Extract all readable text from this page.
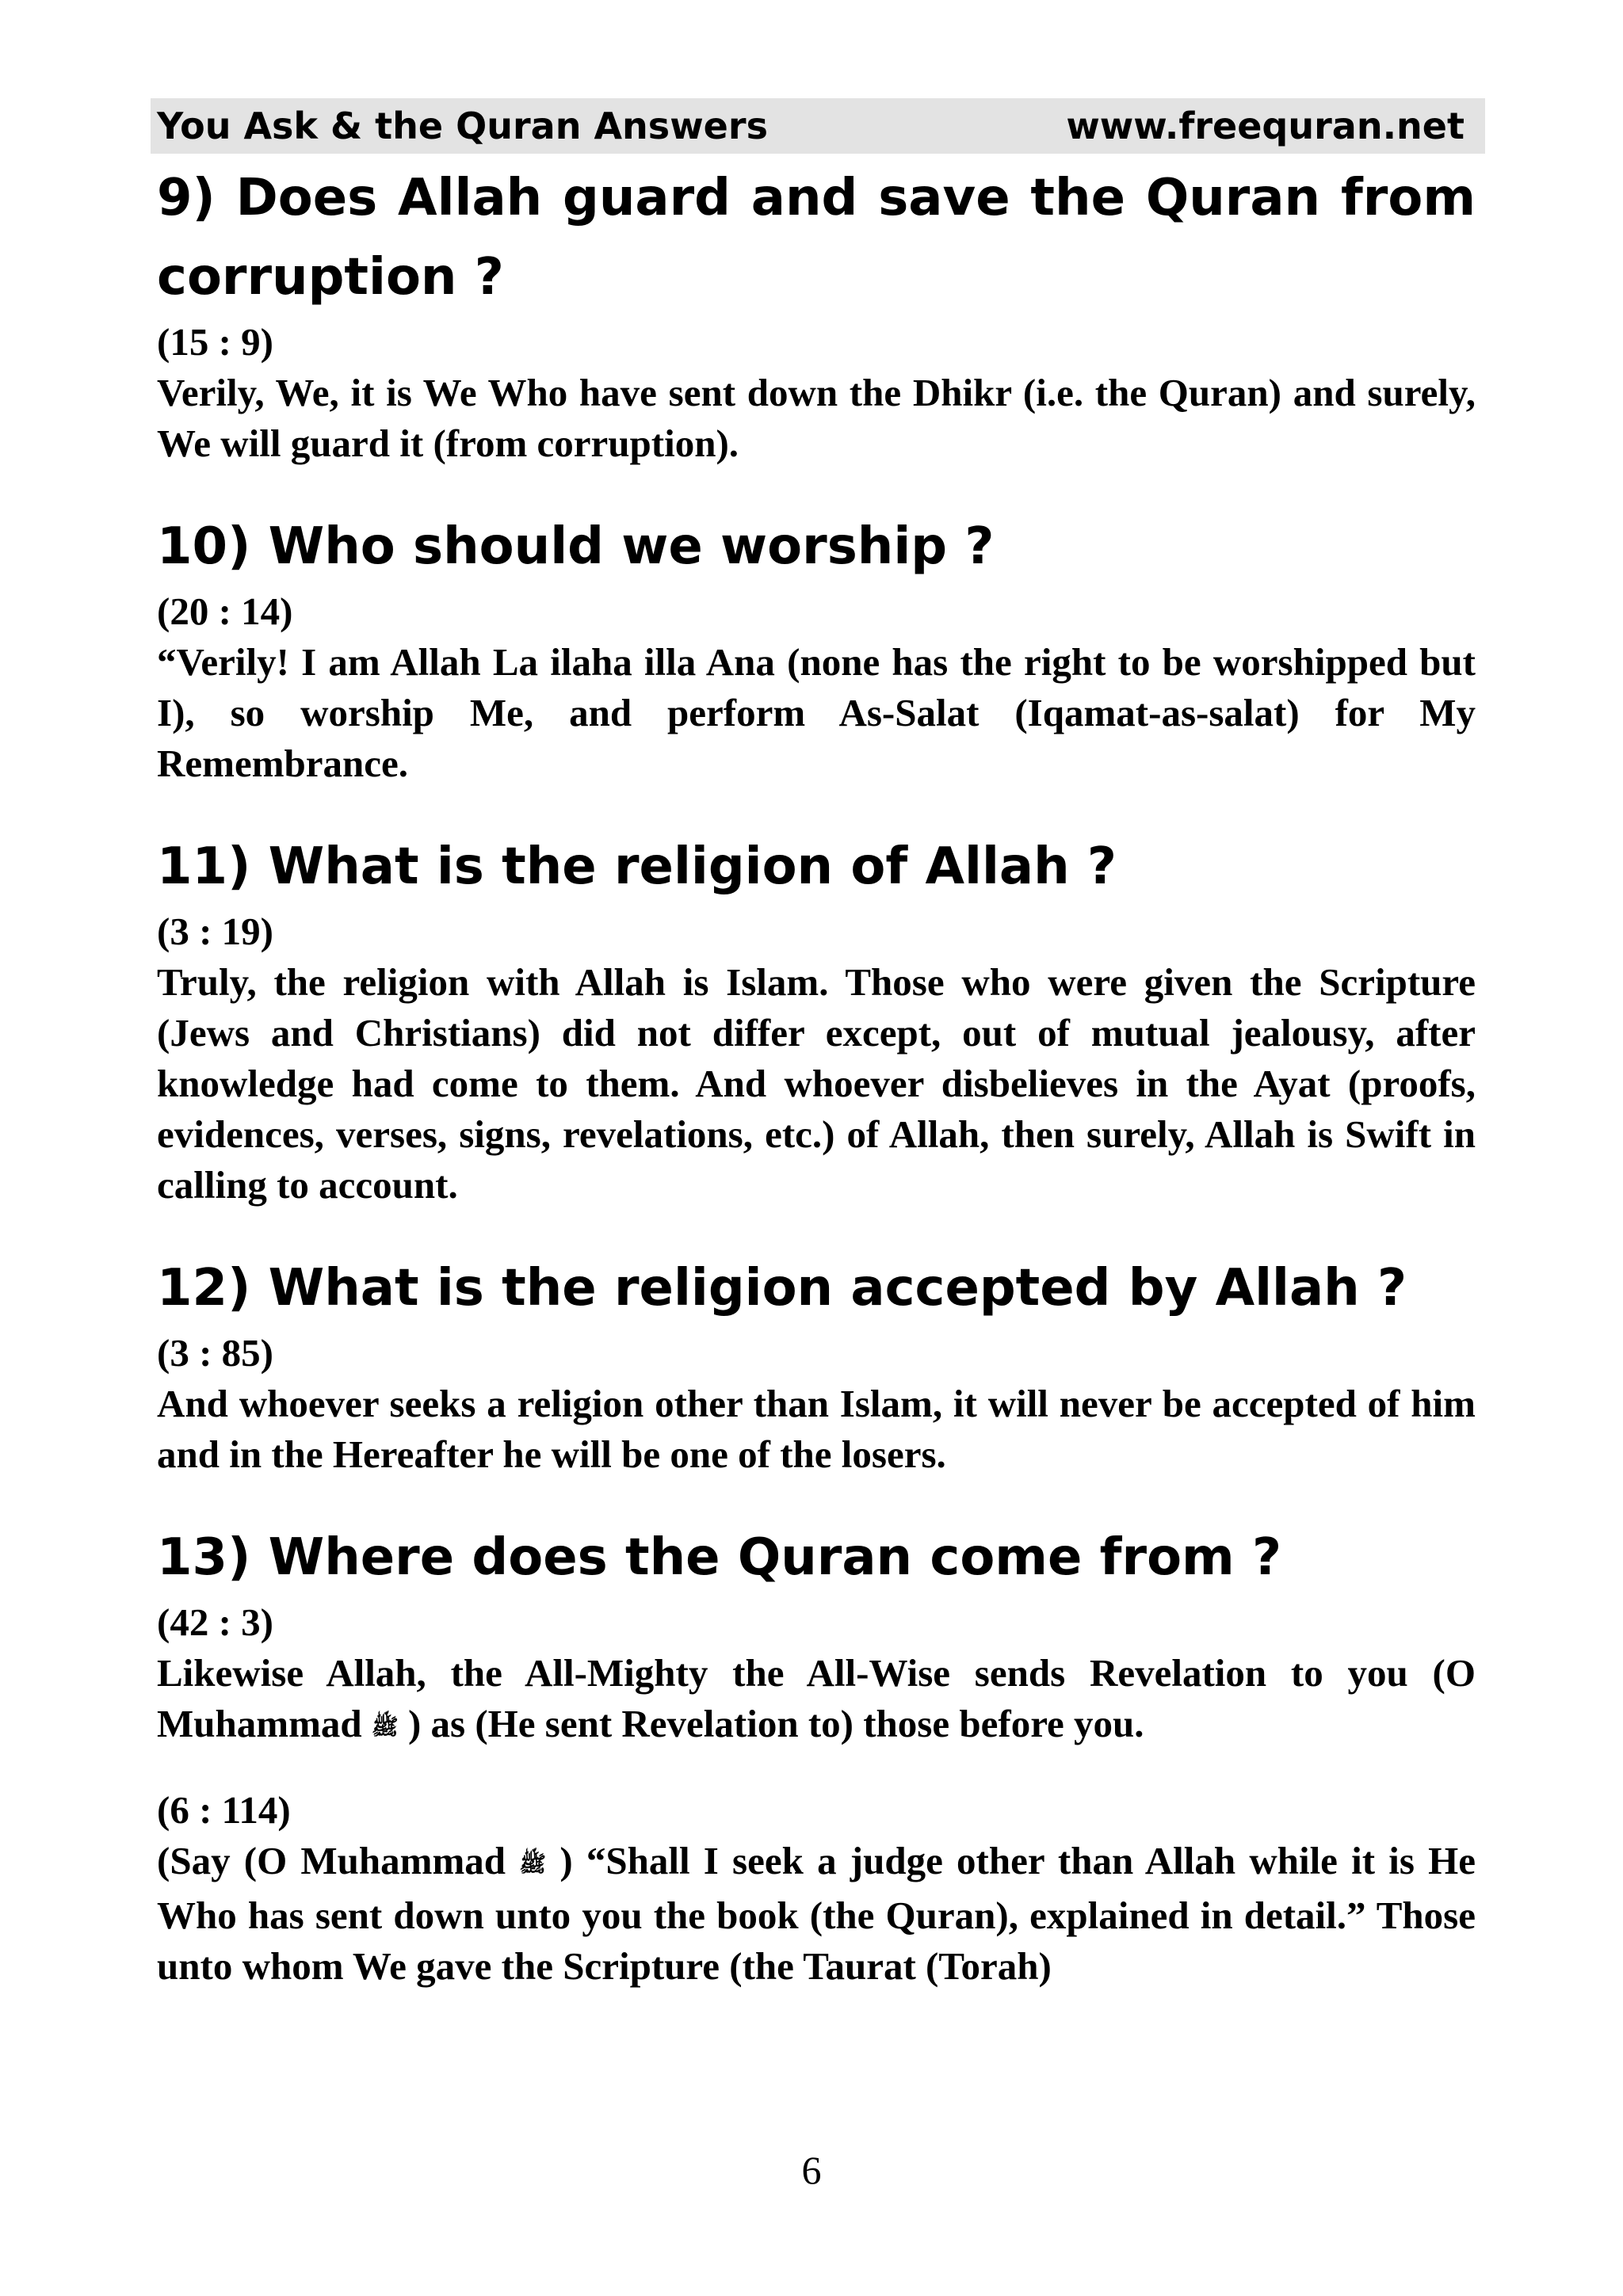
You Ask & the Quran Answers	www.freequran.net

9) Does Allah guard and save the Quran from corruption ?

(15 : 9)

Verily, We, it is We Who have sent down the Dhikr (i.e. the Quran) and surely, We will guard it (from corruption).

10) Who should we worship ?

(20 : 14)

“Verily! I am Allah La ilaha illa Ana (none has the right to be worshipped but I), so worship Me, and perform As-Salat (Iqamat-as-salat) for My Remembrance.

11) What is the religion of Allah ?

(3 : 19)

Truly, the religion with Allah is Islam. Those who were given the Scripture (Jews and Christians) did not differ except, out of mutual jealousy, after knowledge had come to them. And whoever disbelieves in the Ayat (proofs, evidences, verses, signs, revelations, etc.) of Allah, then surely, Allah is Swift in calling to account.

12) What is the religion accepted by Allah ?

(3 : 85)

And whoever seeks a religion other than Islam, it will never be accepted of him and in the Hereafter he will be one of the losers.

13) Where does the Quran come from ?

(42 : 3)

Likewise Allah, the All-Mighty the All-Wise sends Revelation to you (O Muhammad ﷺ ) as (He sent Revelation to) those before you.

(6 : 114)

(Say (O Muhammad ﷺ ) “Shall I seek a judge other than Allah while it is He Who has sent down unto you the book (the Quran), explained in detail.” Those unto whom We gave the Scripture (the Taurat (Torah)

6
